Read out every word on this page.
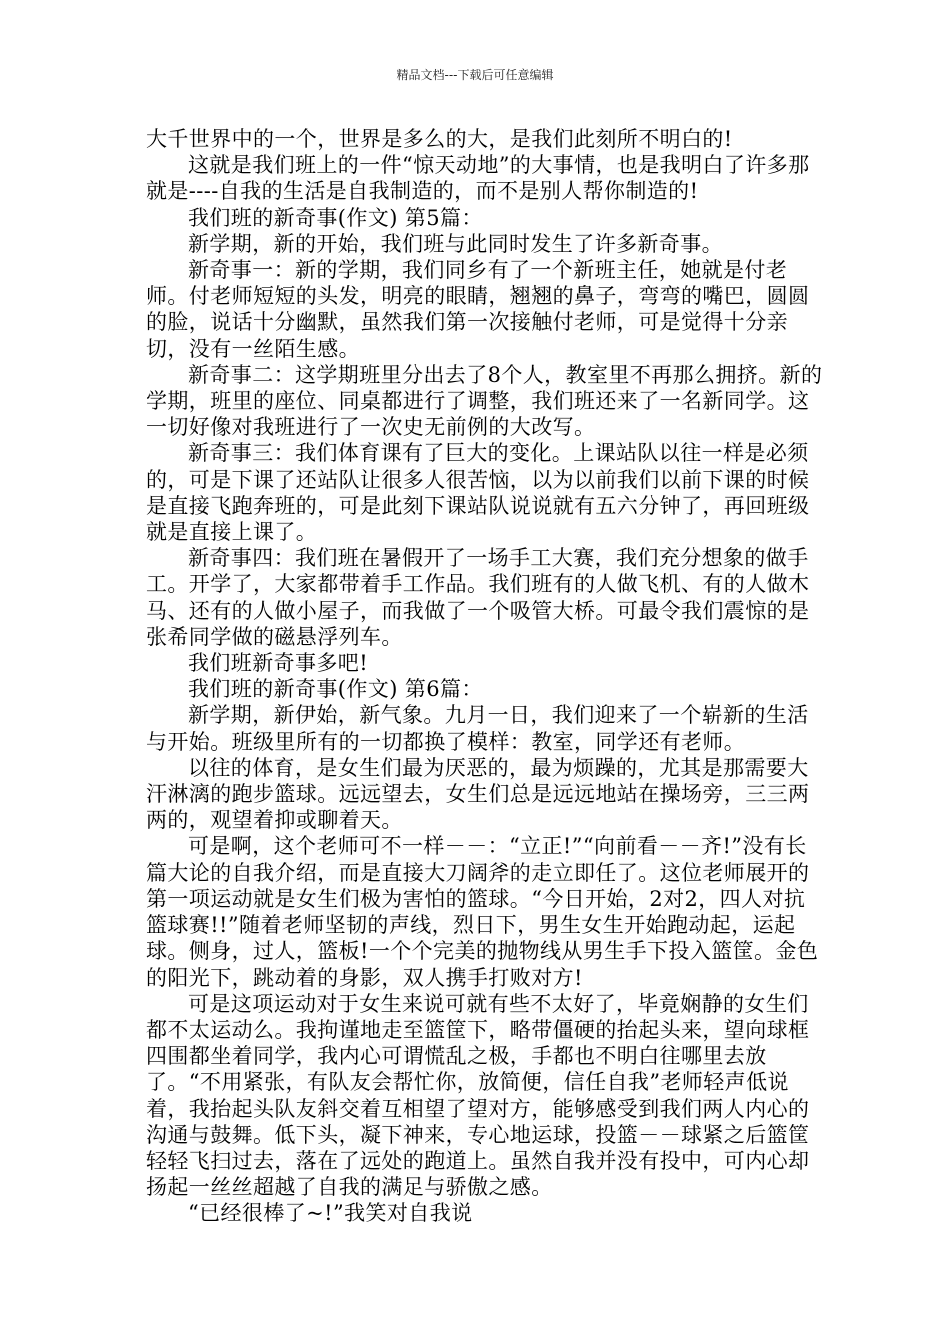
精品文档---下载后可任意编辑

大千世界中的一个，世界是多么的大，是我们此刻所不明白的!

这就是我们班上的一件“惊天动地”的大事情，也是我明白了许多那就是----自我的生活是自我制造的，而不是别人帮你制造的!

我们班的新奇事(作文) 第5篇：

新学期，新的开始，我们班与此同时发生了许多新奇事。

新奇事一：新的学期，我们同乡有了一个新班主任，她就是付老师。付老师短短的头发，明亮的眼睛，翘翘的鼻子，弯弯的嘴巴，圆圆的脸，说话十分幽默，虽然我们第一次接触付老师，可是觉得十分亲切，没有一丝陌生感。

新奇事二：这学期班里分出去了8个人，教室里不再那么拥挤。新的学期，班里的座位、同桌都进行了调整，我们班还来了一名新同学。这一切好像对我班进行了一次史无前例的大改写。

新奇事三：我们体育课有了巨大的变化。上课站队以往一样是必须的，可是下课了还站队让很多人很苦恼，以为以前我们以前下课的时候是直接飞跑奔班的，可是此刻下课站队说说就有五六分钟了，再回班级就是直接上课了。

新奇事四：我们班在暑假开了一场手工大赛，我们充分想象的做手工。开学了，大家都带着手工作品。我们班有的人做飞机、有的人做木马、还有的人做小屋子，而我做了一个吸管大桥。可最令我们震惊的是张希同学做的磁悬浮列车。

我们班新奇事多吧!

我们班的新奇事(作文) 第6篇：

新学期，新伊始，新气象。九月一日，我们迎来了一个崭新的生活与开始。班级里所有的一切都换了模样：教室，同学还有老师。

以往的体育，是女生们最为厌恶的，最为烦躁的，尤其是那需要大汗淋漓的跑步篮球。远远望去，女生们总是远远地站在操场旁，三三两两的，观望着抑或聊着天。

可是啊，这个老师可不一样－－：“立正!”“向前看－－齐!”没有长篇大论的自我介绍，而是直接大刀阔斧的走立即任了。这位老师展开的第一项运动就是女生们极为害怕的篮球。“今日开始，2对2，四人对抗篮球赛!!”随着老师坚韧的声线，烈日下，男生女生开始跑动起，运起球。侧身，过人，篮板!一个个完美的抛物线从男生手下投入篮筐。金色的阳光下，跳动着的身影，双人携手打败对方!

可是这项运动对于女生来说可就有些不太好了，毕竟娴静的女生们都不太运动么。我拘谨地走至篮筐下，略带僵硬的抬起头来，望向球框四围都坐着同学，我内心可谓慌乱之极，手都也不明白往哪里去放了。“不用紧张，有队友会帮忙你，放简便，信任自我”老师轻声低说着，我抬起头队友斜交着互相望了望对方，能够感受到我们两人内心的沟通与鼓舞。低下头，凝下神来，专心地运球，投篮－－球紧之后篮筐轻轻飞扫过去，落在了远处的跑道上。虽然自我并没有投中，可内心却扬起一丝丝超越了自我的满足与骄傲之感。

“已经很棒了~!”我笑对自我说
